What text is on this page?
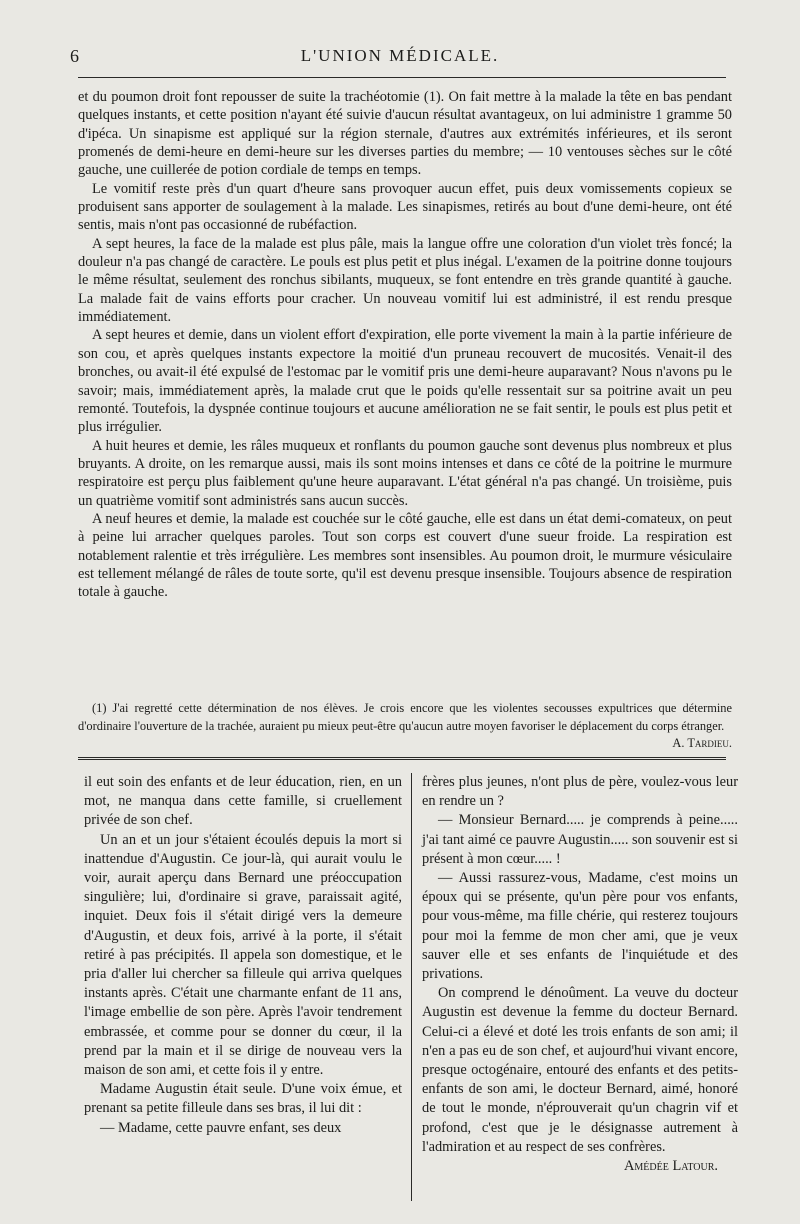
6	L'UNION MÉDICALE.

et du poumon droit font repousser de suite la trachéotomie (1). On fait mettre à la malade la tête en bas pendant quelques instants, et cette position n'ayant été suivie d'aucun résultat avantageux, on lui administre 1 gramme 50 d'ipéca. Un sinapisme est appliqué sur la région sternale, d'autres aux extrémités inférieures, et ils seront promenés de demi-heure en demi-heure sur les diverses parties du membre; — 10 ventouses sèches sur le côté gauche, une cuillerée de potion cordiale de temps en temps.

Le vomitif reste près d'un quart d'heure sans provoquer aucun effet, puis deux vomissements copieux se produisent sans apporter de soulagement à la malade. Les sinapismes, retirés au bout d'une demi-heure, ont été sentis, mais n'ont pas occasionné de rubéfaction.

A sept heures, la face de la malade est plus pâle, mais la langue offre une coloration d'un violet très foncé; la douleur n'a pas changé de caractère. Le pouls est plus petit et plus inégal. L'examen de la poitrine donne toujours le même résultat, seulement des ronchus sibilants, muqueux, se font entendre en très grande quantité à gauche. La malade fait de vains efforts pour cracher. Un nouveau vomitif lui est administré, il est rendu presque immédiatement.

A sept heures et demie, dans un violent effort d'expiration, elle porte vivement la main à la partie inférieure de son cou, et après quelques instants expectore la moitié d'un pruneau recouvert de mucosités. Venait-il des bronches, ou avait-il été expulsé de l'estomac par le vomitif pris une demi-heure auparavant? Nous n'avons pu le savoir; mais, immédiatement après, la malade crut que le poids qu'elle ressentait sur sa poitrine avait un peu remonté. Toutefois, la dyspnée continue toujours et aucune amélioration ne se fait sentir, le pouls est plus petit et plus irrégulier.

A huit heures et demie, les râles muqueux et ronflants du poumon gauche sont devenus plus nombreux et plus bruyants. A droite, on les remarque aussi, mais ils sont moins intenses et dans ce côté de la poitrine le murmure respiratoire est perçu plus faiblement qu'une heure auparavant. L'état général n'a pas changé. Un troisième, puis un quatrième vomitif sont administrés sans aucun succès.

A neuf heures et demie, la malade est couchée sur le côté gauche, elle est dans un état demi-comateux, on peut à peine lui arracher quelques paroles. Tout son corps est couvert d'une sueur froide. La respiration est notablement ralentie et très irrégulière. Les membres sont insensibles. Au poumon droit, le murmure vésiculaire est tellement mélangé de râles de toute sorte, qu'il est devenu presque insensible. Toujours absence de respiration totale à gauche.

(1) J'ai regretté cette détermination de nos élèves. Je crois encore que les violentes secousses expultrices que détermine d'ordinaire l'ouverture de la trachée, auraient pu mieux peut-être qu'aucun autre moyen favoriser le déplacement du corps étranger.
A. Tardieu.

il eut soin des enfants et de leur éducation, rien, en un mot, ne manqua dans cette famille, si cruellement privée de son chef.

Un an et un jour s'étaient écoulés depuis la mort si inattendue d'Augustin. Ce jour-là, qui aurait voulu le voir, aurait aperçu dans Bernard une préoccupation singulière; lui, d'ordinaire si grave, paraissait agité, inquiet. Deux fois il s'était dirigé vers la demeure d'Augustin, et deux fois, arrivé à la porte, il s'était retiré à pas précipités. Il appela son domestique, et le pria d'aller lui chercher sa filleule qui arriva quelques instants après. C'était une charmante enfant de 11 ans, l'image embellie de son père. Après l'avoir tendrement embrassée, et comme pour se donner du cœur, il la prend par la main et il se dirige de nouveau vers la maison de son ami, et cette fois il y entre.

Madame Augustin était seule. D'une voix émue, et prenant sa petite filleule dans ses bras, il lui dit :

— Madame, cette pauvre enfant, ses deux

frères plus jeunes, n'ont plus de père, voulez-vous leur en rendre un ?

— Monsieur Bernard..... je comprends à peine..... j'ai tant aimé ce pauvre Augustin..... son souvenir est si présent à mon cœur..... !

— Aussi rassurez-vous, Madame, c'est moins un époux qui se présente, qu'un père pour vos enfants, pour vous-même, ma fille chérie, qui resterez toujours pour moi la femme de mon cher ami, que je veux sauver elle et ses enfants de l'inquiétude et des privations.

On comprend le dénoûment. La veuve du docteur Augustin est devenue la femme du docteur Bernard. Celui-ci a élevé et doté les trois enfants de son ami; il n'en a pas eu de son chef, et aujourd'hui vivant encore, presque octogénaire, entouré des enfants et des petits-enfants de son ami, le docteur Bernard, aimé, honoré de tout le monde, n'éprouverait qu'un chagrin vif et profond, c'est que je le désignasse autrement à l'admiration et au respect de ses confrères.

Amédée Latour.
